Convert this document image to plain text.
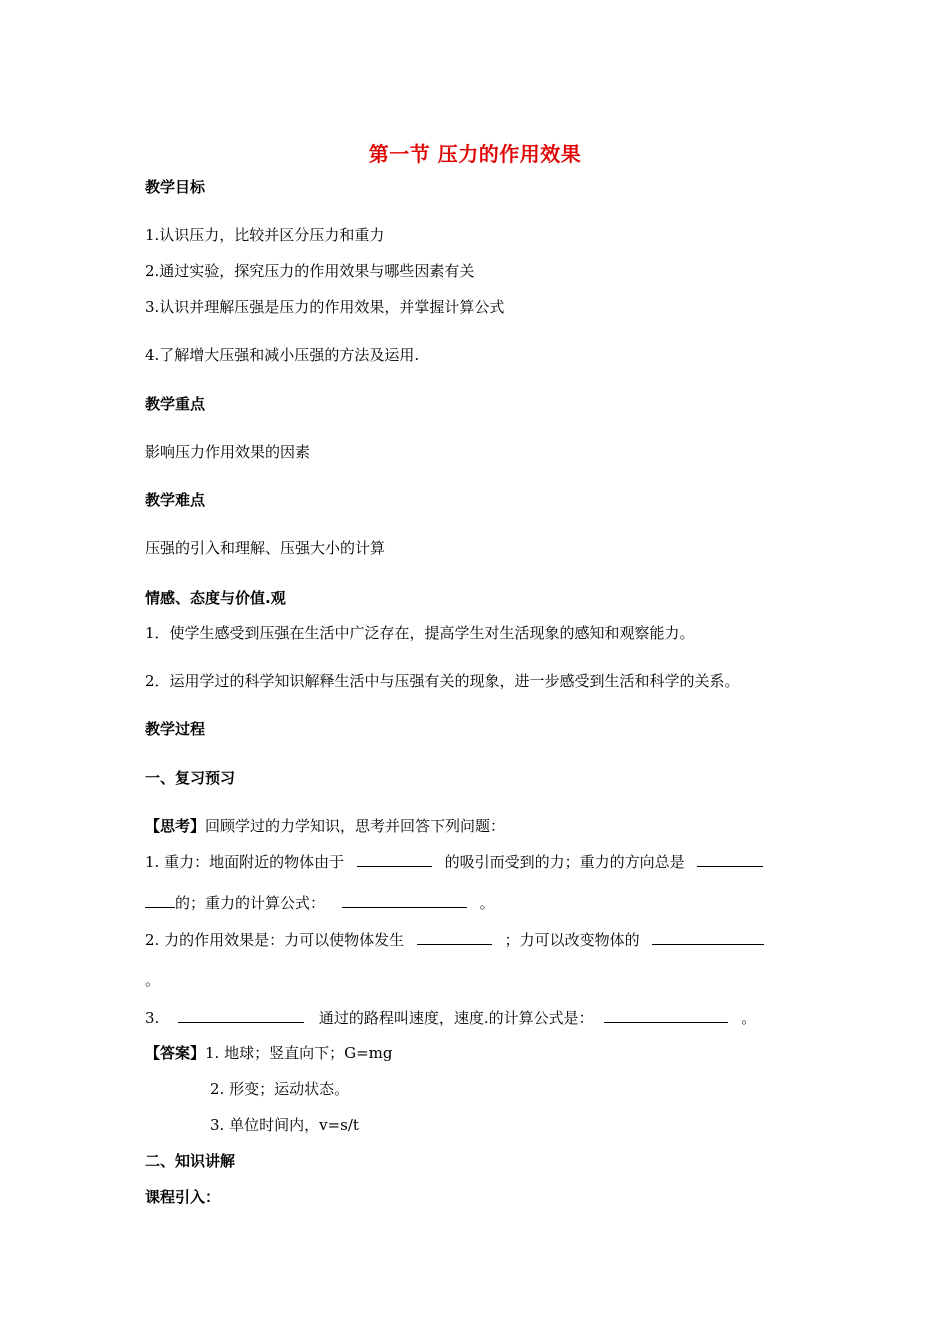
第一节 压力的作用效果
教学目标
1.认识压力，比较并区分压力和重力
2.通过实验，探究压力的作用效果与哪些因素有关
3.认识并理解压强是压力的作用效果，并掌握计算公式
4.了解增大压强和减小压强的方法及运用.
教学重点
影响压力作用效果的因素
教学难点
压强的引入和理解、压强大小的计算
情感、态度与价值.观
1．使学生感受到压强在生活中广泛存在，提高学生对生活现象的感知和观察能力。
2．运用学过的科学知识解释生活中与压强有关的现象，进一步感受到生活和科学的关系。
教学过程
一、复习预习
【思考】回顾学过的力学知识，思考并回答下列问题：
1. 重力：地面附近的物体由于	的吸引而受到的力；重力的方向总是
的；重力的计算公式：	。
2. 力的作用效果是：力可以使物体发生	；力可以改变物体的
。
3.	通过的路程叫速度，速度.的计算公式是：	。
【答案】1. 地球；竖直向下；G=mg
2. 形变；运动状态。
3. 单位时间内，v=s/t
二、知识讲解
课程引入：
